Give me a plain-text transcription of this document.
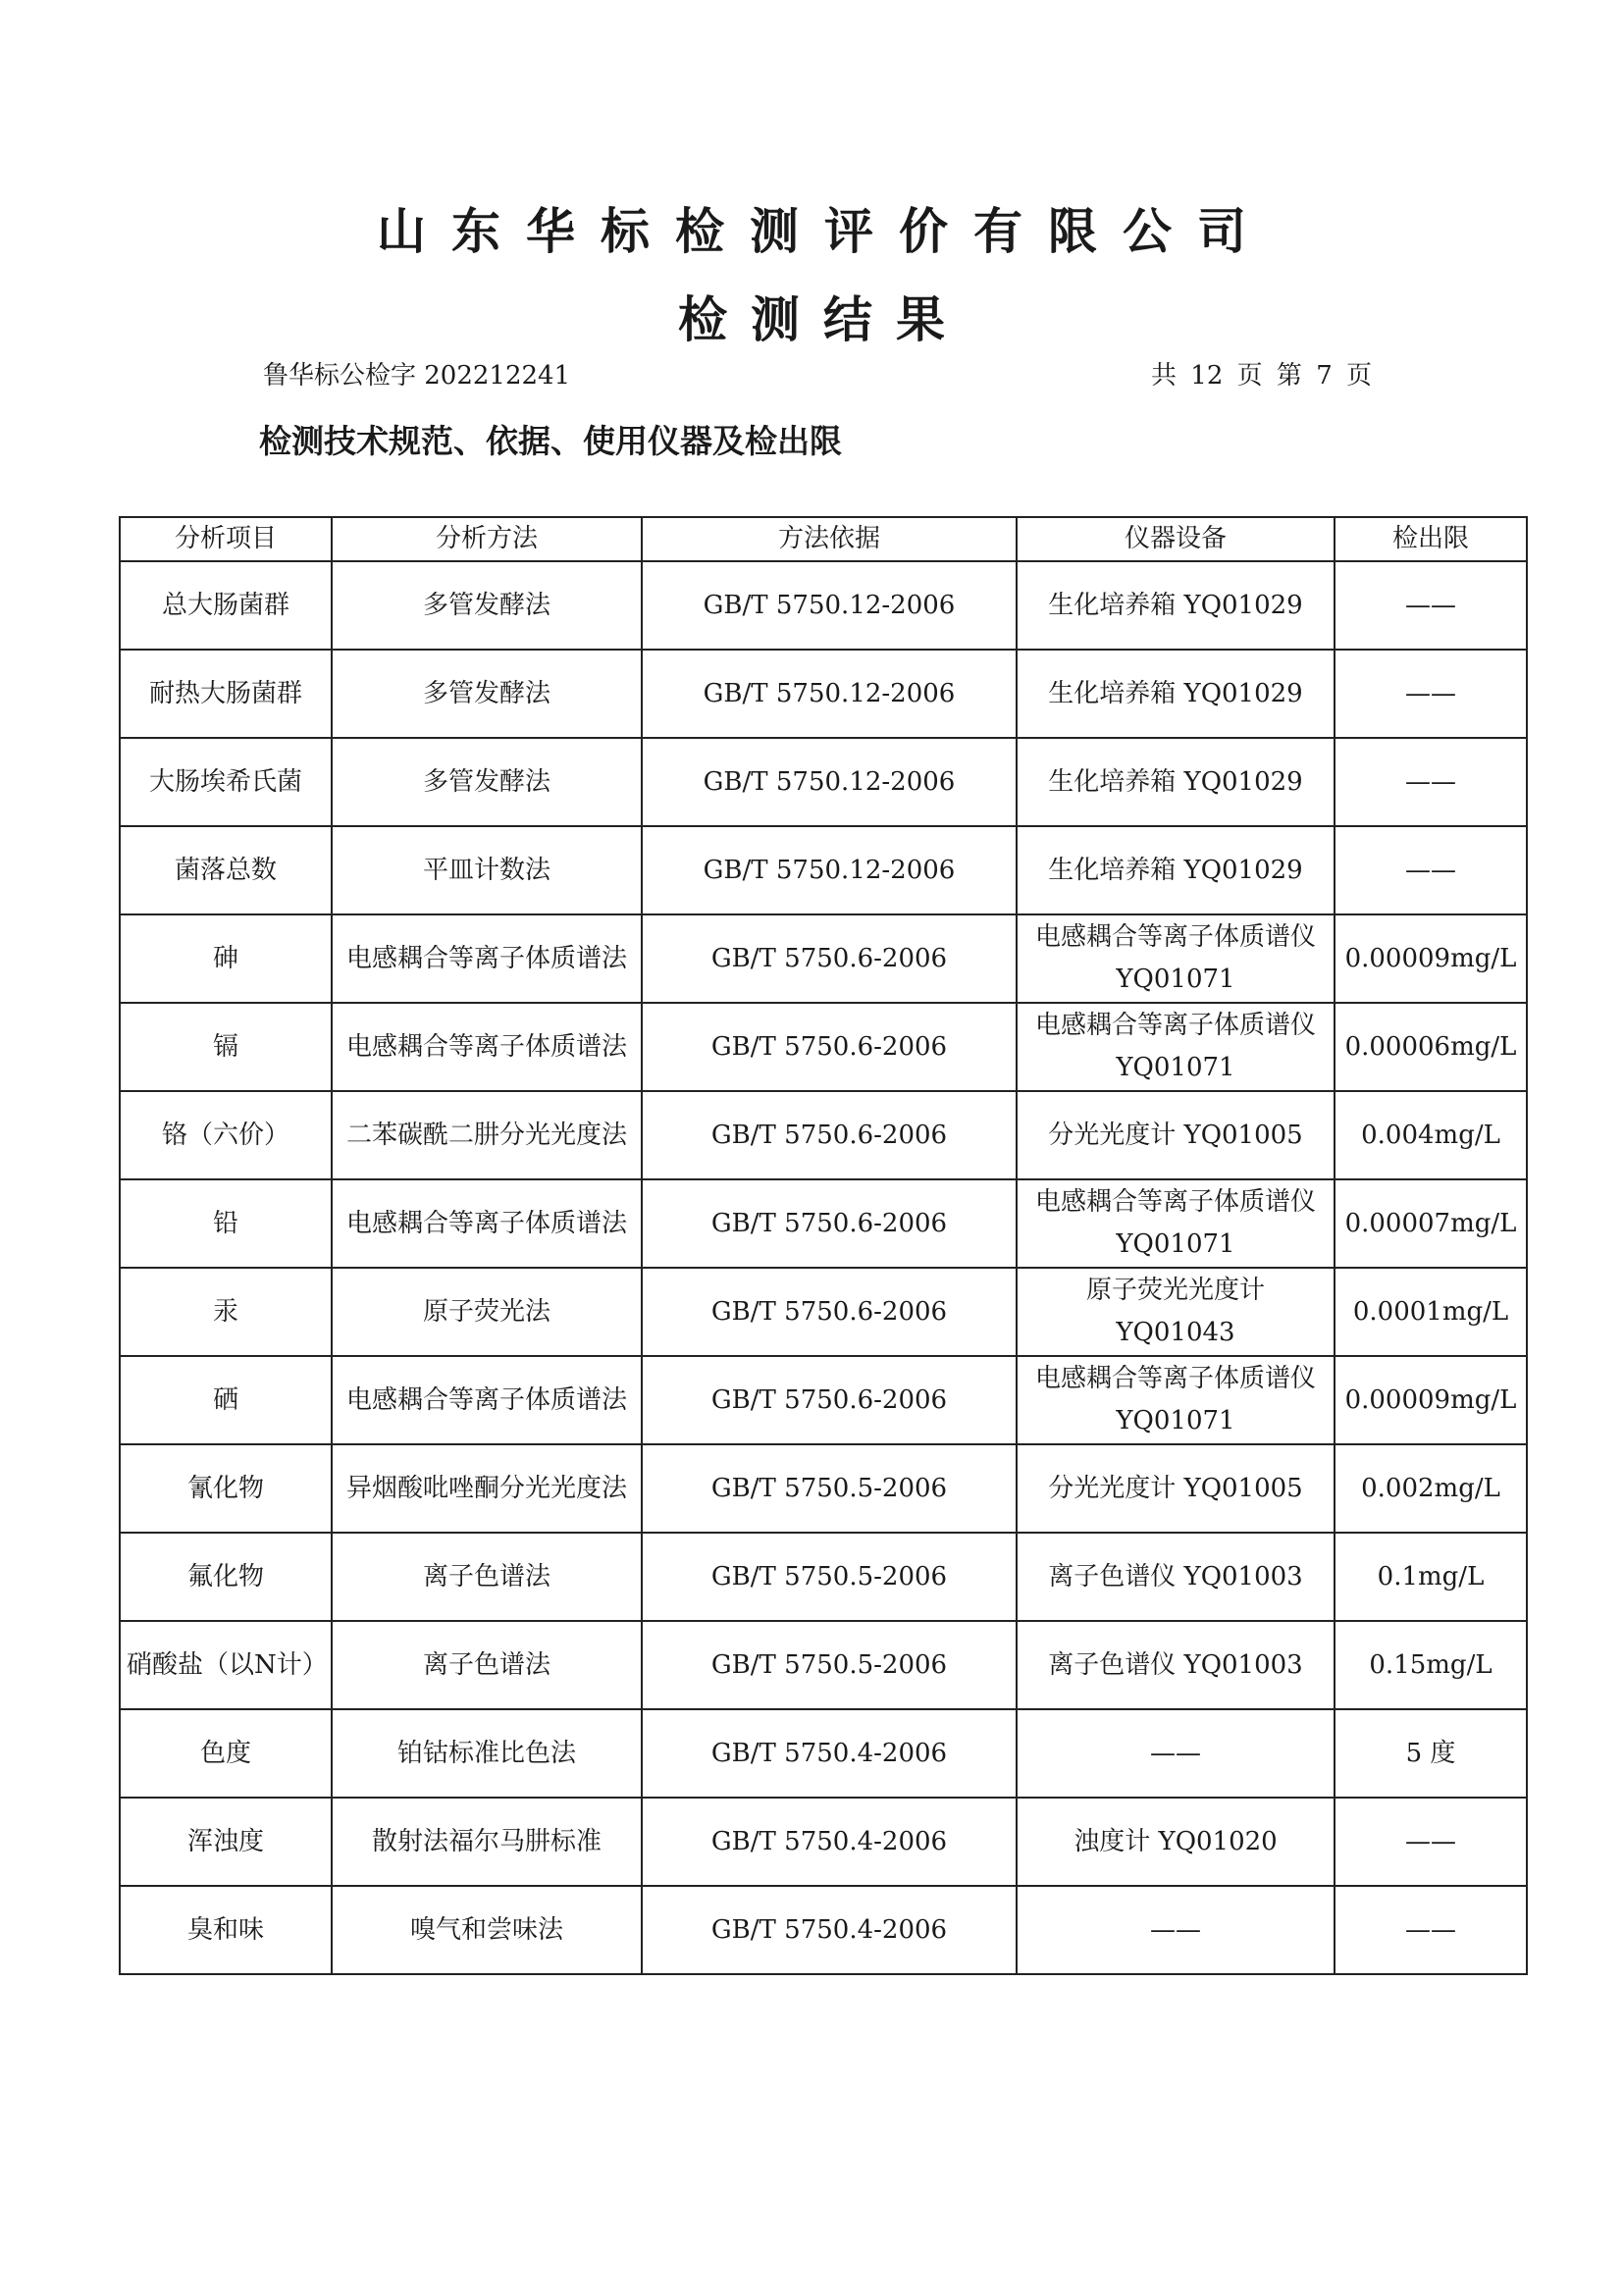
山东华标检测评价有限公司
检测结果
鲁华标公检字 202212241	共 12 页 第 7 页
检测技术规范、依据、使用仪器及检出限
分析项目	分析方法	方法依据	仪器设备	检出限
总大肠菌群	多管发酵法	GB/T 5750.12-2006	生化培养箱 YQ01029	——
耐热大肠菌群	多管发酵法	GB/T 5750.12-2006	生化培养箱 YQ01029	——
大肠埃希氏菌	多管发酵法	GB/T 5750.12-2006	生化培养箱 YQ01029	——
菌落总数	平皿计数法	GB/T 5750.12-2006	生化培养箱 YQ01029	——
砷	电感耦合等离子体质谱法	GB/T 5750.6-2006	电感耦合等离子体质谱仪 YQ01071	0.00009mg/L
镉	电感耦合等离子体质谱法	GB/T 5750.6-2006	电感耦合等离子体质谱仪 YQ01071	0.00006mg/L
铬（六价）	二苯碳酰二肼分光光度法	GB/T 5750.6-2006	分光光度计 YQ01005	0.004mg/L
铅	电感耦合等离子体质谱法	GB/T 5750.6-2006	电感耦合等离子体质谱仪 YQ01071	0.00007mg/L
汞	原子荧光法	GB/T 5750.6-2006	原子荧光光度计 YQ01043	0.0001mg/L
硒	电感耦合等离子体质谱法	GB/T 5750.6-2006	电感耦合等离子体质谱仪 YQ01071	0.00009mg/L
氰化物	异烟酸吡唑酮分光光度法	GB/T 5750.5-2006	分光光度计 YQ01005	0.002mg/L
氟化物	离子色谱法	GB/T 5750.5-2006	离子色谱仪 YQ01003	0.1mg/L
硝酸盐（以N计）	离子色谱法	GB/T 5750.5-2006	离子色谱仪 YQ01003	0.15mg/L
色度	铂钴标准比色法	GB/T 5750.4-2006	——	5 度
浑浊度	散射法福尔马肼标准	GB/T 5750.4-2006	浊度计 YQ01020	——
臭和味	嗅气和尝味法	GB/T 5750.4-2006	——	——
